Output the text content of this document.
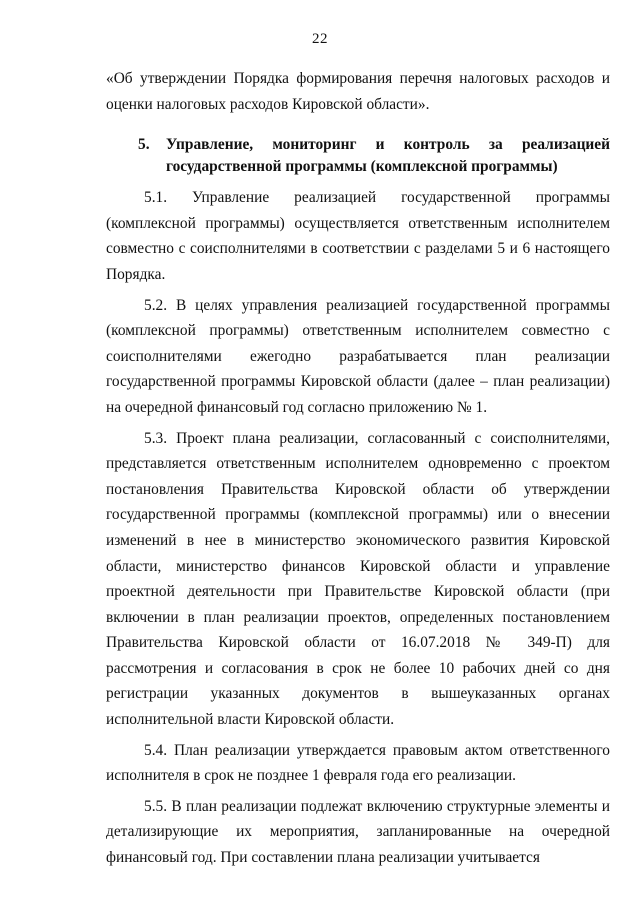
22

«Об утверждении Порядка формирования перечня налоговых расходов и оценки налоговых расходов Кировской области».

5.	Управление, мониторинг и контроль за реализацией государственной программы (комплексной программы)

5.1. Управление реализацией государственной программы (комплексной программы) осуществляется ответственным исполнителем совместно с соисполнителями в соответствии с разделами 5 и 6 настоящего Порядка.

5.2. В целях управления реализацией государственной программы (комплексной программы) ответственным исполнителем совместно с соисполнителями ежегодно разрабатывается план реализации государственной программы Кировской области (далее – план реализации) на очередной финансовый год согласно приложению № 1.

5.3. Проект плана реализации, согласованный с соисполнителями, представляется ответственным исполнителем одновременно с проектом постановления Правительства Кировской области об утверждении государственной программы (комплексной программы) или о внесении изменений в нее в министерство экономического развития Кировской области, министерство финансов Кировской области и управление проектной деятельности при Правительстве Кировской области (при включении в план реализации проектов, определенных постановлением Правительства Кировской области от 16.07.2018 № 349-П) для рассмотрения и согласования в срок не более 10 рабочих дней со дня регистрации указанных документов в вышеуказанных органах исполнительной власти Кировской области.

5.4. План реализации утверждается правовым актом ответственного исполнителя в срок не позднее 1 февраля года его реализации.

5.5. В план реализации подлежат включению структурные элементы и детализирующие их мероприятия, запланированные на очередной финансовый год. При составлении плана реализации учитывается
